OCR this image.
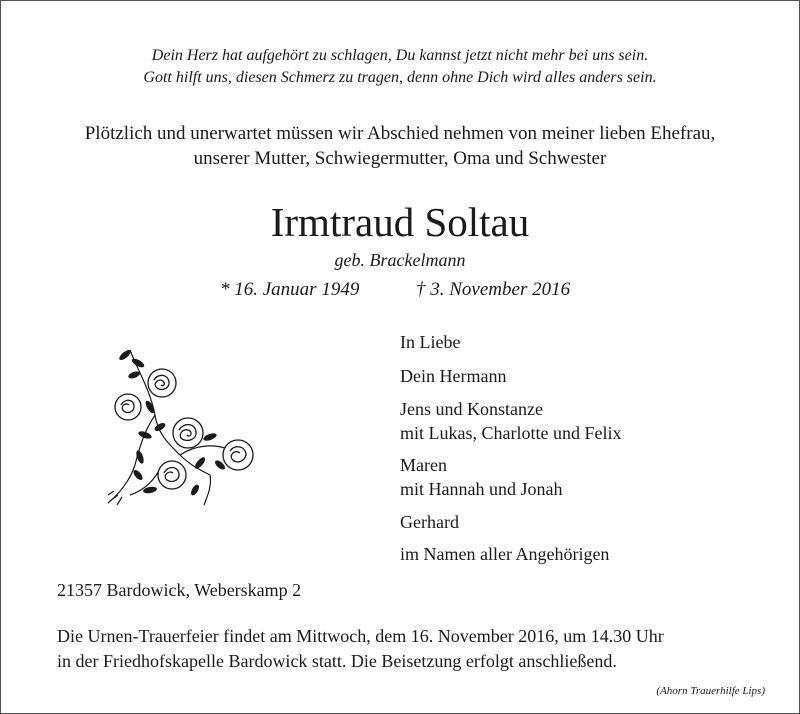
Dein Herz hat aufgehört zu schlagen, Du kannst jetzt nicht mehr bei uns sein.
Gott hilft uns, diesen Schmerz zu tragen, denn ohne Dich wird alles anders sein.
Plötzlich und unerwartet müssen wir Abschied nehmen von meiner lieben Ehefrau,
unserer Mutter, Schwiegermutter, Oma und Schwester
Irmtraud Soltau
geb. Brackelmann
* 16. Januar 1949	† 3. November 2016
In Liebe
Dein Hermann
Jens und Konstanze
mit Lukas, Charlotte und Felix
Maren
mit Hannah und Jonah
Gerhard
im Namen aller Angehörigen
21357 Bardowick, Weberskamp 2
Die Urnen-Trauerfeier findet am Mittwoch, dem 16. November 2016, um 14.30 Uhr
in der Friedhofskapelle Bardowick statt. Die Beisetzung erfolgt anschließend.
(Ahorn Trauerhilfe Lips)
